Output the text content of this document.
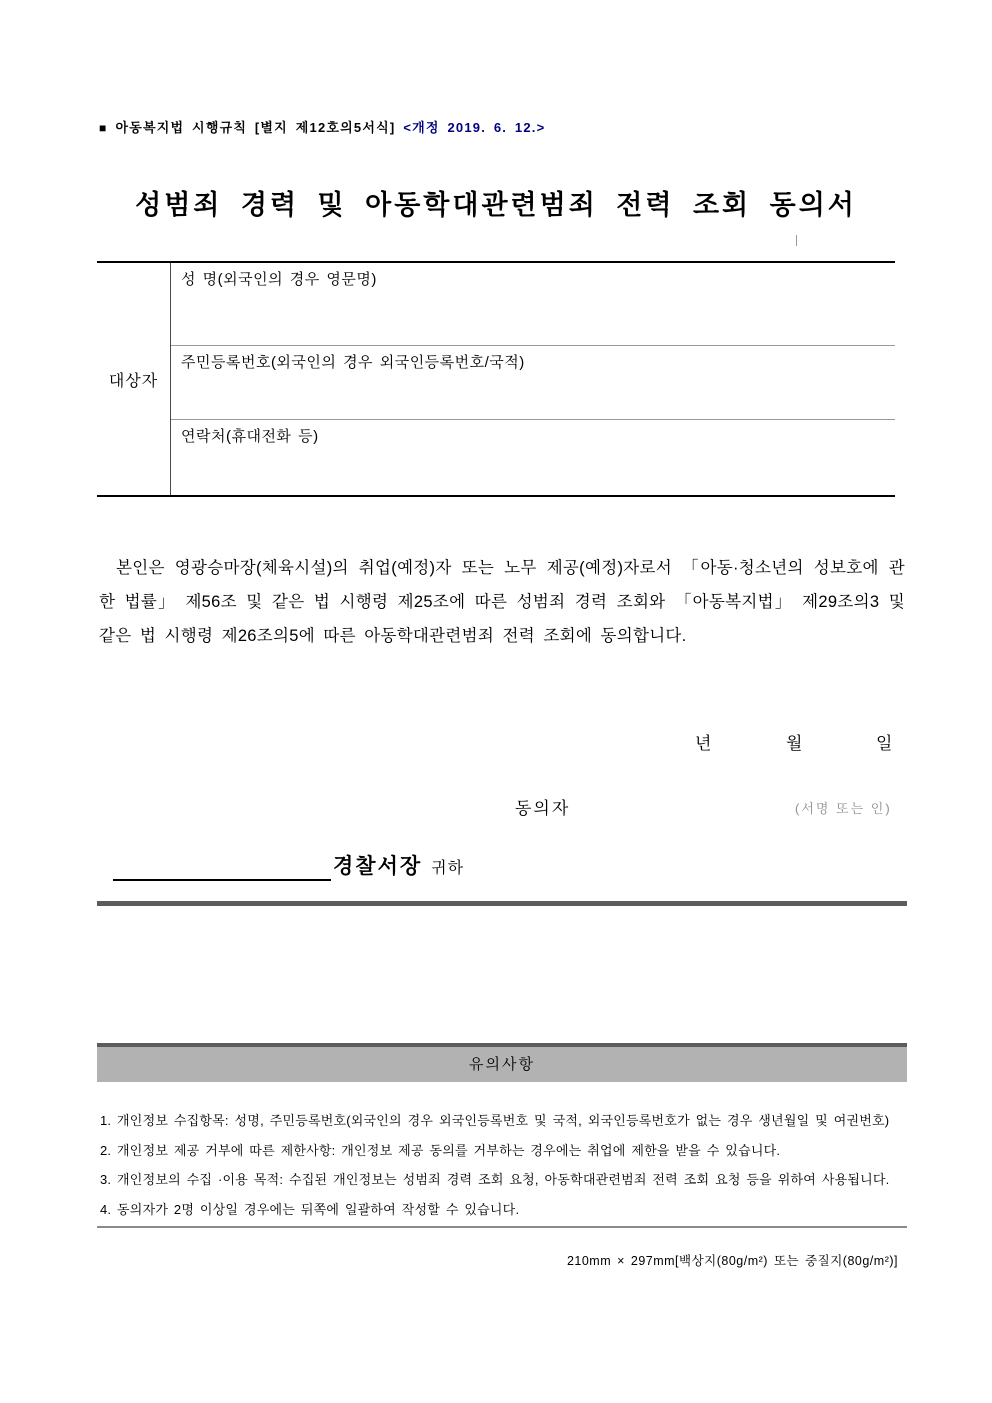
■ 아동복지법 시행규칙 [별지 제12호의5서식] <개정 2019. 6. 12.>
성범죄 경력 및 아동학대관련범죄 전력 조회 동의서
대상자
성 명(외국인의 경우 영문명)
주민등록번호(외국인의 경우 외국인등록번호/국적)
연락처(휴대전화 등)
본인은 영광승마장(체육시설)의 취업(예정)자 또는 노무 제공(예정)자로서 「아동·청소년의 성보호에 관한 법률」 제56조 및 같은 법 시행령 제25조에 따른 성범죄 경력 조회와 「아동복지법」 제29조의3 및 같은 법 시행령 제26조의5에 따른 아동학대관련범죄 전력 조회에 동의합니다.
년	월	일
동의자	(서명 또는 인)
경찰서장 귀하
유의사항
1. 개인정보 수집항목: 성명, 주민등록번호(외국인의 경우 외국인등록번호 및 국적, 외국인등록번호가 없는 경우 생년월일 및 여권번호)
2. 개인정보 제공 거부에 따른 제한사항: 개인정보 제공 동의를 거부하는 경우에는 취업에 제한을 받을 수 있습니다.
3. 개인정보의 수집 ·이용 목적: 수집된 개인정보는 성범죄 경력 조회 요청, 아동학대관련범죄 전력 조회 요청 등을 위하여 사용됩니다.
4. 동의자가 2명 이상일 경우에는 뒤쪽에 일괄하여 작성할 수 있습니다.
210mm × 297mm[백상지(80g/m²) 또는 중질지(80g/m²)]
